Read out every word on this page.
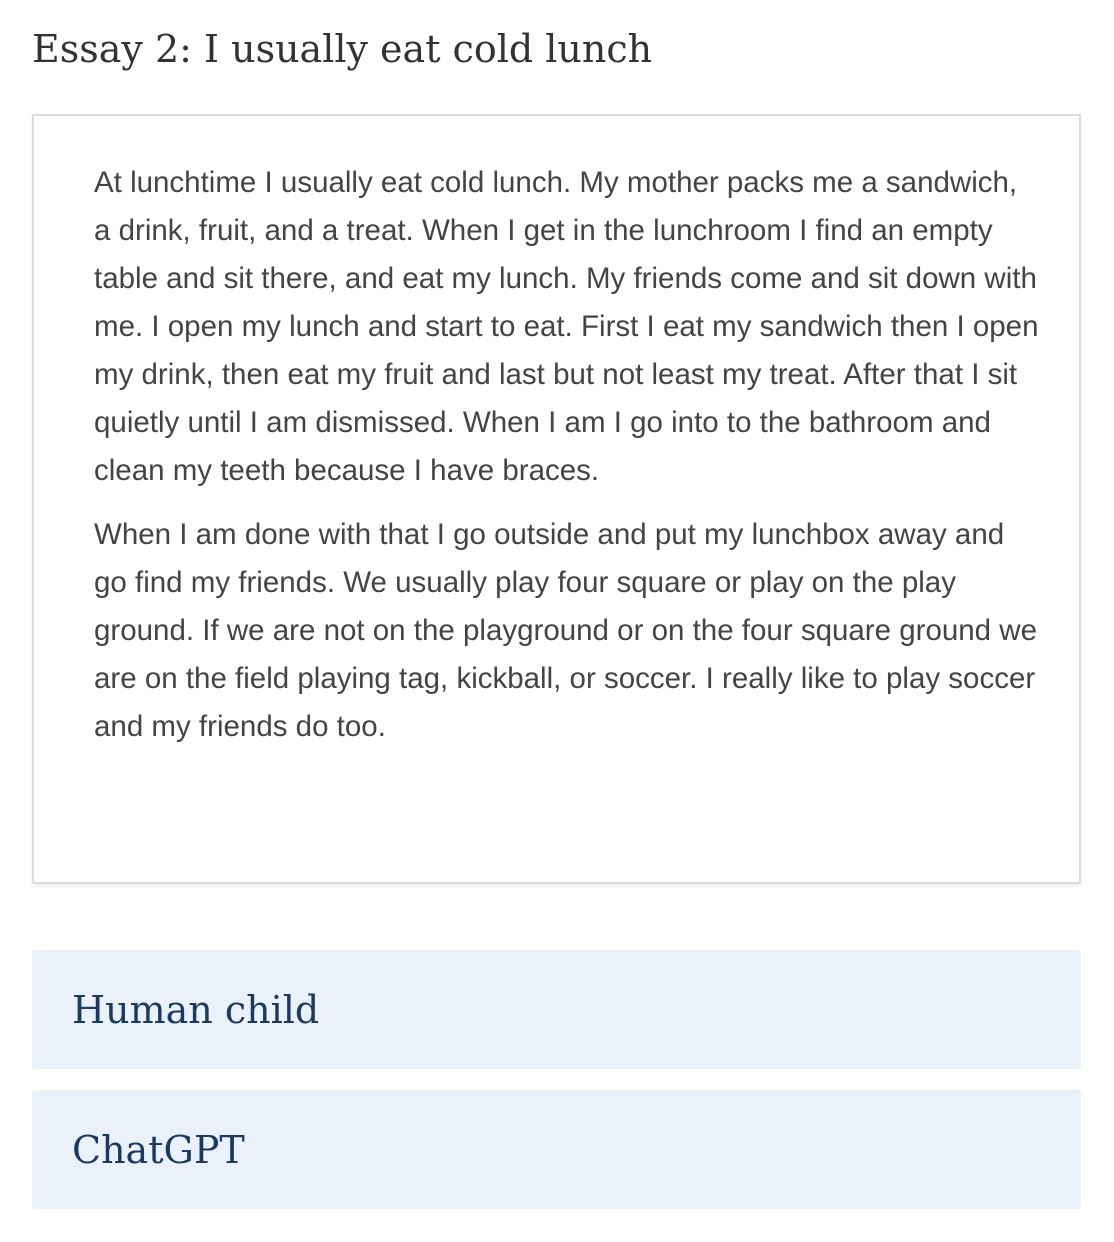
Essay 2: I usually eat cold lunch

At lunchtime I usually eat cold lunch. My mother packs me a sandwich, a drink, fruit, and a treat. When I get in the lunchroom I find an empty table and sit there, and eat my lunch. My friends come and sit down with me. I open my lunch and start to eat. First I eat my sandwich then I open my drink, then eat my fruit and last but not least my treat. After that I sit quietly until I am dismissed. When I am I go into to the bathroom and clean my teeth because I have braces.

When I am done with that I go outside and put my lunchbox away and go find my friends. We usually play four square or play on the play ground. If we are not on the playground or on the four square ground we are on the field playing tag, kickball, or soccer. I really like to play soccer and my friends do too.

Human child
ChatGPT
